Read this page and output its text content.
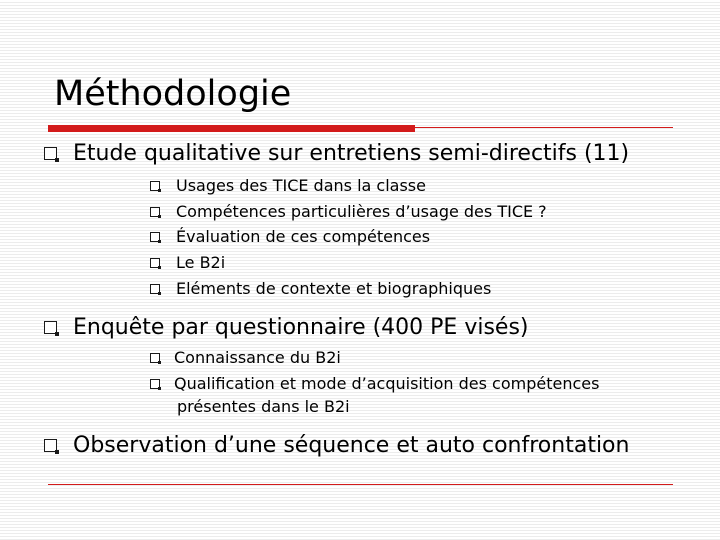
Méthodologie
Etude qualitative sur entretiens semi-directifs (11)
Usages des TICE dans la classe
Compétences particulières d’usage des TICE ?
Évaluation de ces compétences
Le B2i
Eléments de contexte et biographiques
Enquête par questionnaire (400 PE visés)
Connaissance du B2i
Qualification et mode d’acquisition des compétences
présentes dans le B2i
Observation d’une séquence et auto confrontation
